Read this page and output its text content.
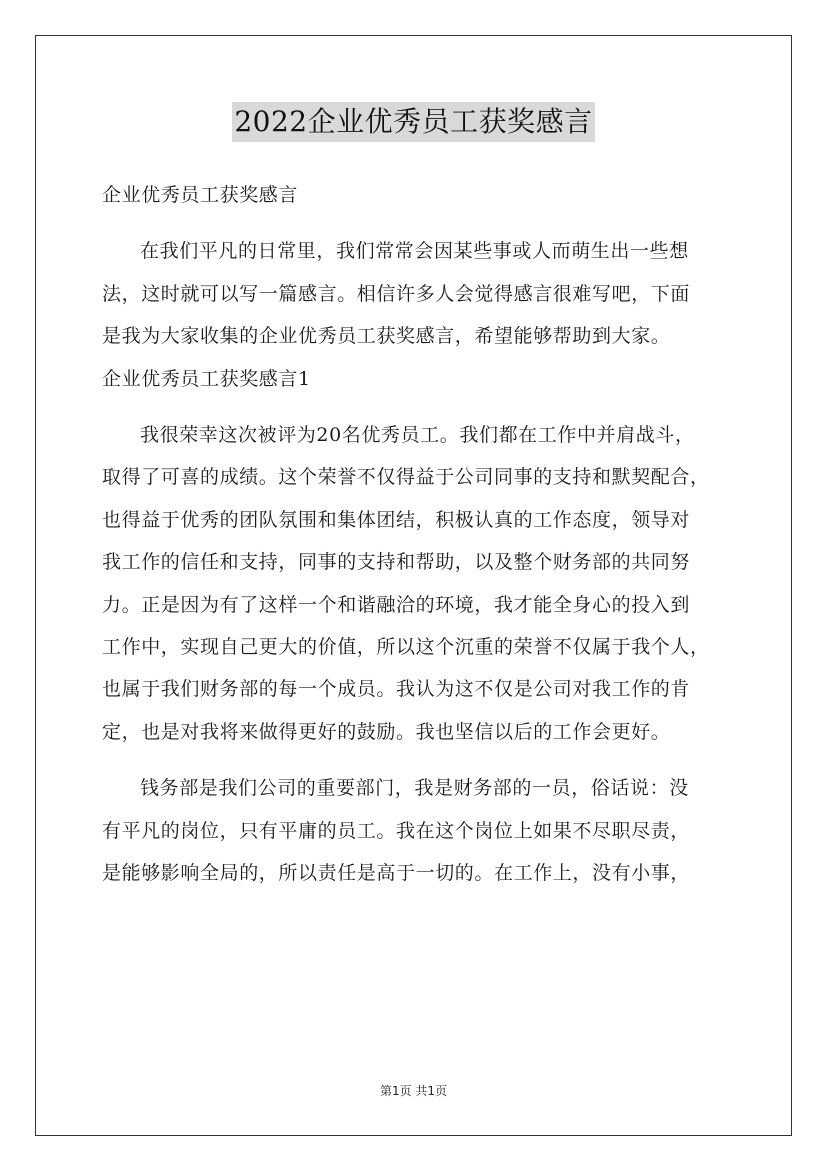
2022企业优秀员工获奖感言

企业优秀员工获奖感言

在我们平凡的日常里，我们常常会因某些事或人而萌生出一些想
法，这时就可以写一篇感言。相信许多人会觉得感言很难写吧，下面
是我为大家收集的企业优秀员工获奖感言，希望能够帮助到大家。

企业优秀员工获奖感言1

我很荣幸这次被评为20名优秀员工。我们都在工作中并肩战斗，
取得了可喜的成绩。这个荣誉不仅得益于公司同事的支持和默契配合，
也得益于优秀的团队氛围和集体团结，积极认真的工作态度，领导对
我工作的信任和支持，同事的支持和帮助，以及整个财务部的共同努
力。正是因为有了这样一个和谐融洽的环境，我才能全身心的投入到
工作中，实现自己更大的价值，所以这个沉重的荣誉不仅属于我个人，
也属于我们财务部的每一个成员。我认为这不仅是公司对我工作的肯
定，也是对我将来做得更好的鼓励。我也坚信以后的工作会更好。

钱务部是我们公司的重要部门，我是财务部的一员，俗话说：没
有平凡的岗位，只有平庸的员工。我在这个岗位上如果不尽职尽责，
是能够影响全局的，所以责任是高于一切的。在工作上，没有小事，

第1页 共1页
